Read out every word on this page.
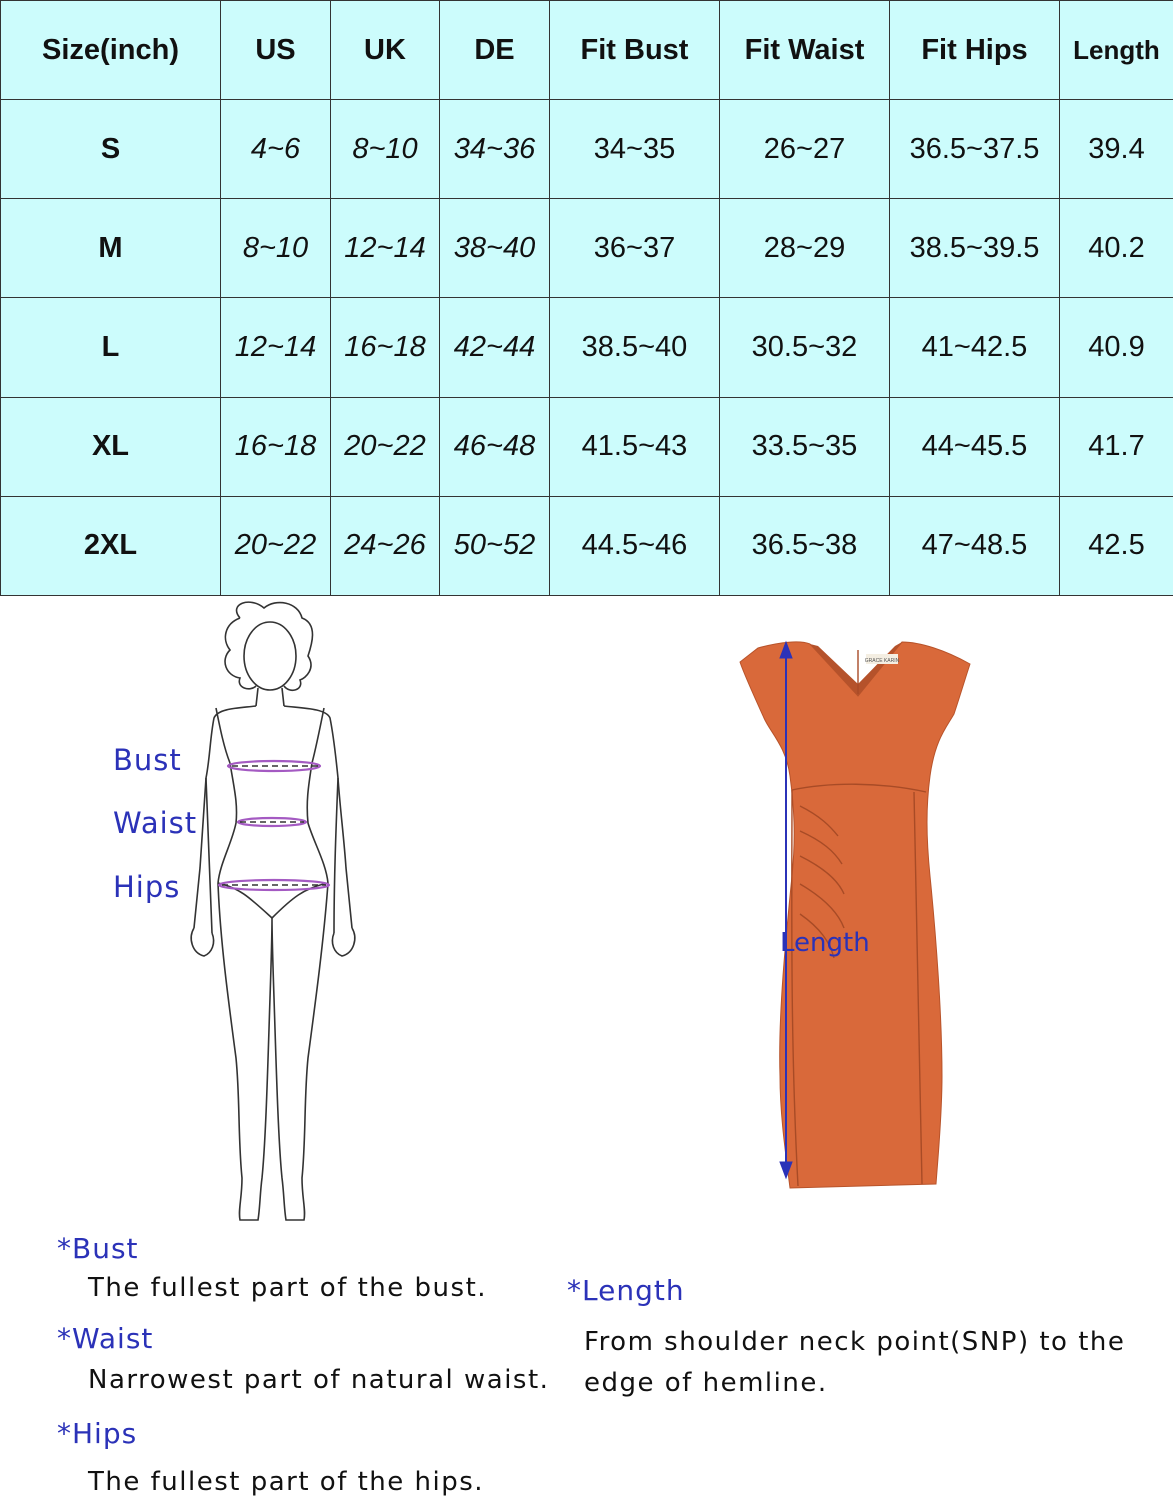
Size(inch)	US	UK	DE	Fit Bust	Fit Waist	Fit Hips	Length
S	4~6	8~10	34~36	34~35	26~27	36.5~37.5	39.4
M	8~10	12~14	38~40	36~37	28~29	38.5~39.5	40.2
L	12~14	16~18	42~44	38.5~40	30.5~32	41~42.5	40.9
XL	16~18	20~22	46~48	41.5~43	33.5~35	44~45.5	41.7
2XL	20~22	24~26	50~52	44.5~46	36.5~38	47~48.5	42.5
Bust
Waist
Hips
GRACE KARIN
Length
*Bust
The fullest part of the bust.
*Waist
Narrowest part of natural waist.
*Hips
The fullest part of the hips.
*Length
From shoulder neck point(SNP) to the
edge of hemline.
